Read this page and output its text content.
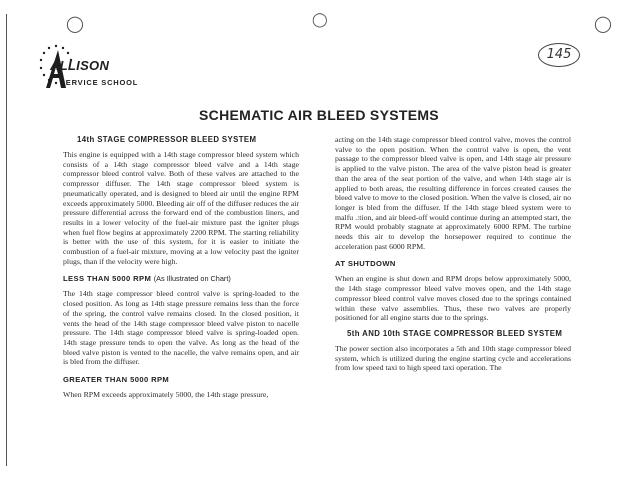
◯	◯	◯
145
ALLISON
SERVICE SCHOOL
SCHEMATIC AIR BLEED SYSTEMS
14th STAGE COMPRESSOR BLEED SYSTEM

This engine is equipped with a 14th stage compressor bleed system which consists of a 14th stage compressor bleed valve and a 14th stage compressor bleed control valve. Both of these valves are attached to the compressor diffuser. The 14th stage compressor bleed system is pneumatically operated, and is designed to bleed air until the engine RPM exceeds approximately 5000. Bleeding air off of the diffuser reduces the air pressure differential across the forward end of the combustion liners, and results in a lower velocity of the fuel-air mixture past the igniter plugs when fuel flow begins at approximately 2200 RPM. The starting reliability is better with the use of this system, for it is easier to initiate the combustion of a fuel-air mixture, moving at a low velocity past the igniter plugs, than if the velocity were high.

LESS THAN 5000 RPM (As Illustrated on Chart)

The 14th stage compressor bleed control valve is spring-loaded to the closed position. As long as 14th stage pressure remains less than the force of the spring, the control valve remains closed. In the closed position, it vents the head of the 14th stage compressor bleed valve piston to nacelle pressure. The 14th stage compressor bleed valve is spring-loaded open. 14th stage pressure tends to open the valve. As long as the head of the bleed valve piston is vented to the nacelle, the valve remains open, and air is bled from the diffuser.

GREATER THAN 5000 RPM

When RPM exceeds approximately 5000, the 14th stage pressure,

acting on the 14th stage compressor bleed control valve, moves the control valve to the open position. When the control valve is open, the vent passage to the compressor bleed valve is open, and 14th stage air pressure is applied to the valve piston. The area of the valve piston head is greater than the area of the seat portion of the valve, and when 14th stage air is applied to both areas, the resulting difference in forces created causes the bleed valve to move to the closed position. When the valve is closed, air no longer is bled from the diffuser. If the 14th stage bleed system were to malfu .:tion, and air bleed-off would continue during an attempted start, the RPM would probably stagnate at approximately 6000 RPM. The turbine needs this air to develop the horsepower required to continue the acceleration past 6000 RPM.

AT SHUTDOWN

When an engine is shut down and RPM drops below approximately 5000, the 14th stage compressor bleed valve moves open, and the 14th stage compressor bleed control valve moves closed due to the springs contained within these valve assemblies. Thus, these two valves are properly positioned for all engine starts due to the springs.

5th AND 10th STAGE COMPRESSOR BLEED SYSTEM

The power section also incorporates a 5th and 10th stage compressor bleed system, which is utilized during the engine starting cycle and accelerations from low speed taxi to high speed taxi operation. The
